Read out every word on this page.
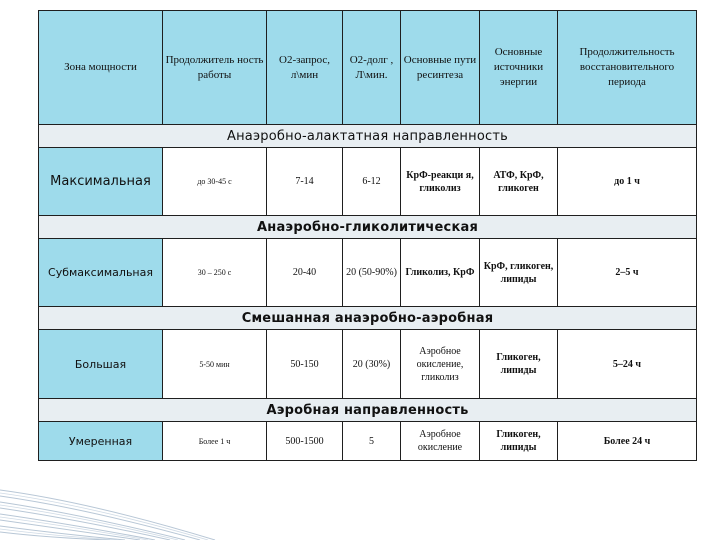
Зона мощности	Продолжитель ность работы	О2-запрос, л\мин	О2-долг , Л\мин.	Основные пути ресинтеза	Основные источники энергии	Продолжительность восстановительного периода
Анаэробно-алактатная направленность						
Максимальная	до 30-45 с	7-14	6-12	КрФ-реакци я, гликолиз	АТФ, КрФ, гликоген	до 1 ч
Анаэробно-гликолитическая						
Субмаксимальная	30 – 250 с	20-40	20 (50-90%)	Гликолиз, КрФ	КрФ, гликоген, липиды	2–5 ч
Смешанная анаэробно-аэробная						
Большая	5-50 мин	50-150	20 (30%)	Аэробное окисление, гликолиз	Гликоген, липиды	5–24 ч
Аэробная направленность						
Умеренная	Более 1 ч	500-1500	5	Аэробное окисление	Гликоген, липиды	Более 24 ч
